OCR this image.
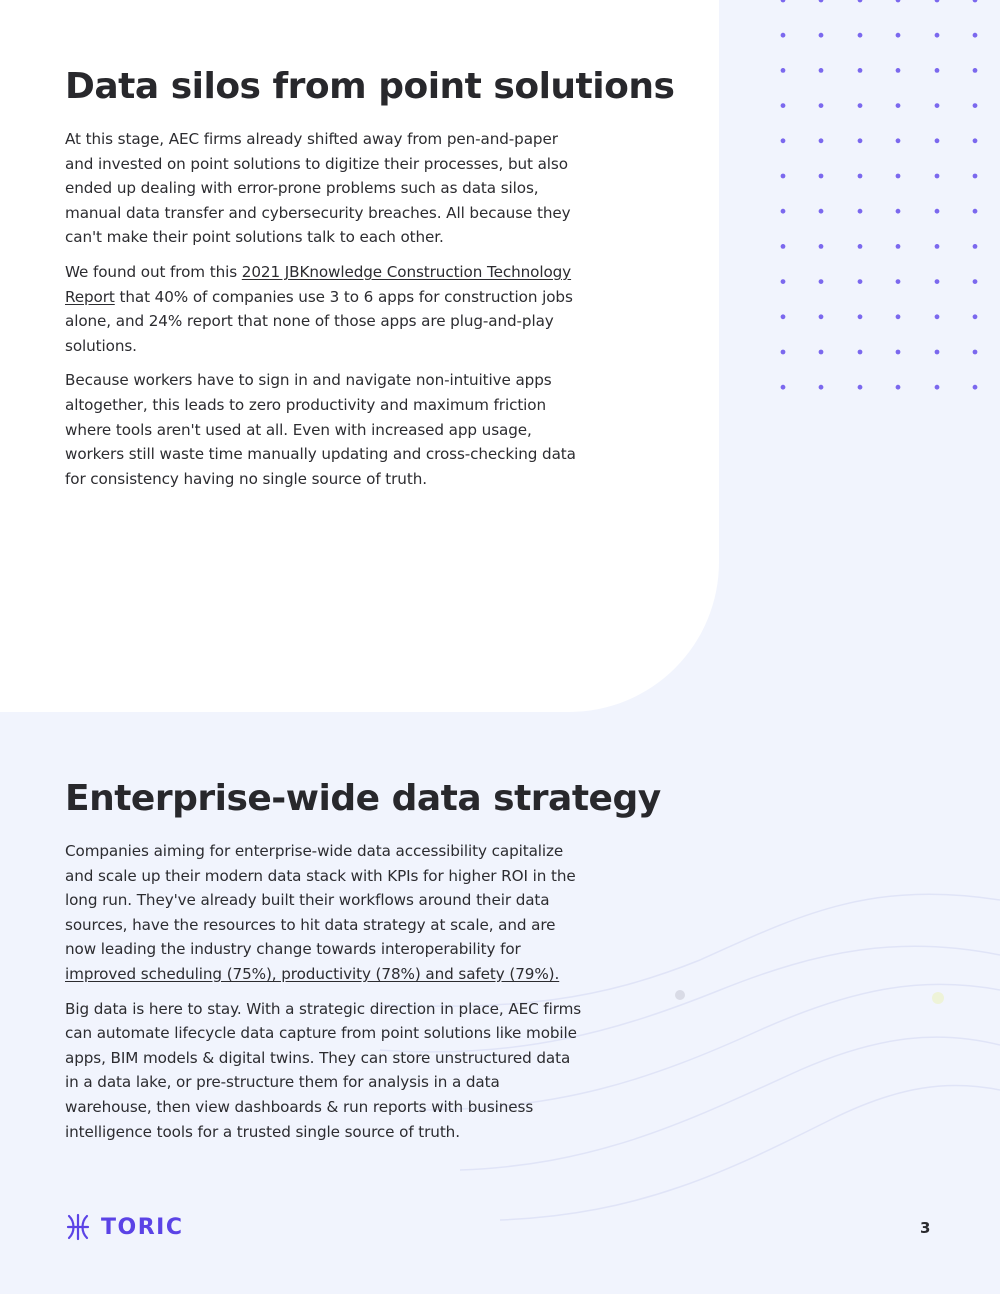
Data silos from point solutions

At this stage, AEC firms already shifted away from pen-and-paper and invested on point solutions to digitize their processes, but also ended up dealing with error-prone problems such as data silos, manual data transfer and cybersecurity breaches. All because they can't make their point solutions talk to each other.

We found out from this 2021 JBKnowledge Construction Technology Report that 40% of companies use 3 to 6 apps for construction jobs alone, and 24% report that none of those apps are plug-and-play solutions.

Because workers have to sign in and navigate non-intuitive apps altogether, this leads to zero productivity and maximum friction where tools aren't used at all. Even with increased app usage, workers still waste time manually updating and cross-checking data for consistency having no single source of truth.

Enterprise-wide data strategy

Companies aiming for enterprise-wide data accessibility capitalize and scale up their modern data stack with KPIs for higher ROI in the long run. They've already built their workflows around their data sources, have the resources to hit data strategy at scale, and are now leading the industry change towards interoperability for improved scheduling (75%), productivity (78%) and safety (79%).

Big data is here to stay. With a strategic direction in place, AEC firms can automate lifecycle data capture from point solutions like mobile apps, BIM models & digital twins. They can store unstructured data in a data lake, or pre-structure them for analysis in a data warehouse, then view dashboards & run reports with business intelligence tools for a trusted single source of truth.

TORIC	3
